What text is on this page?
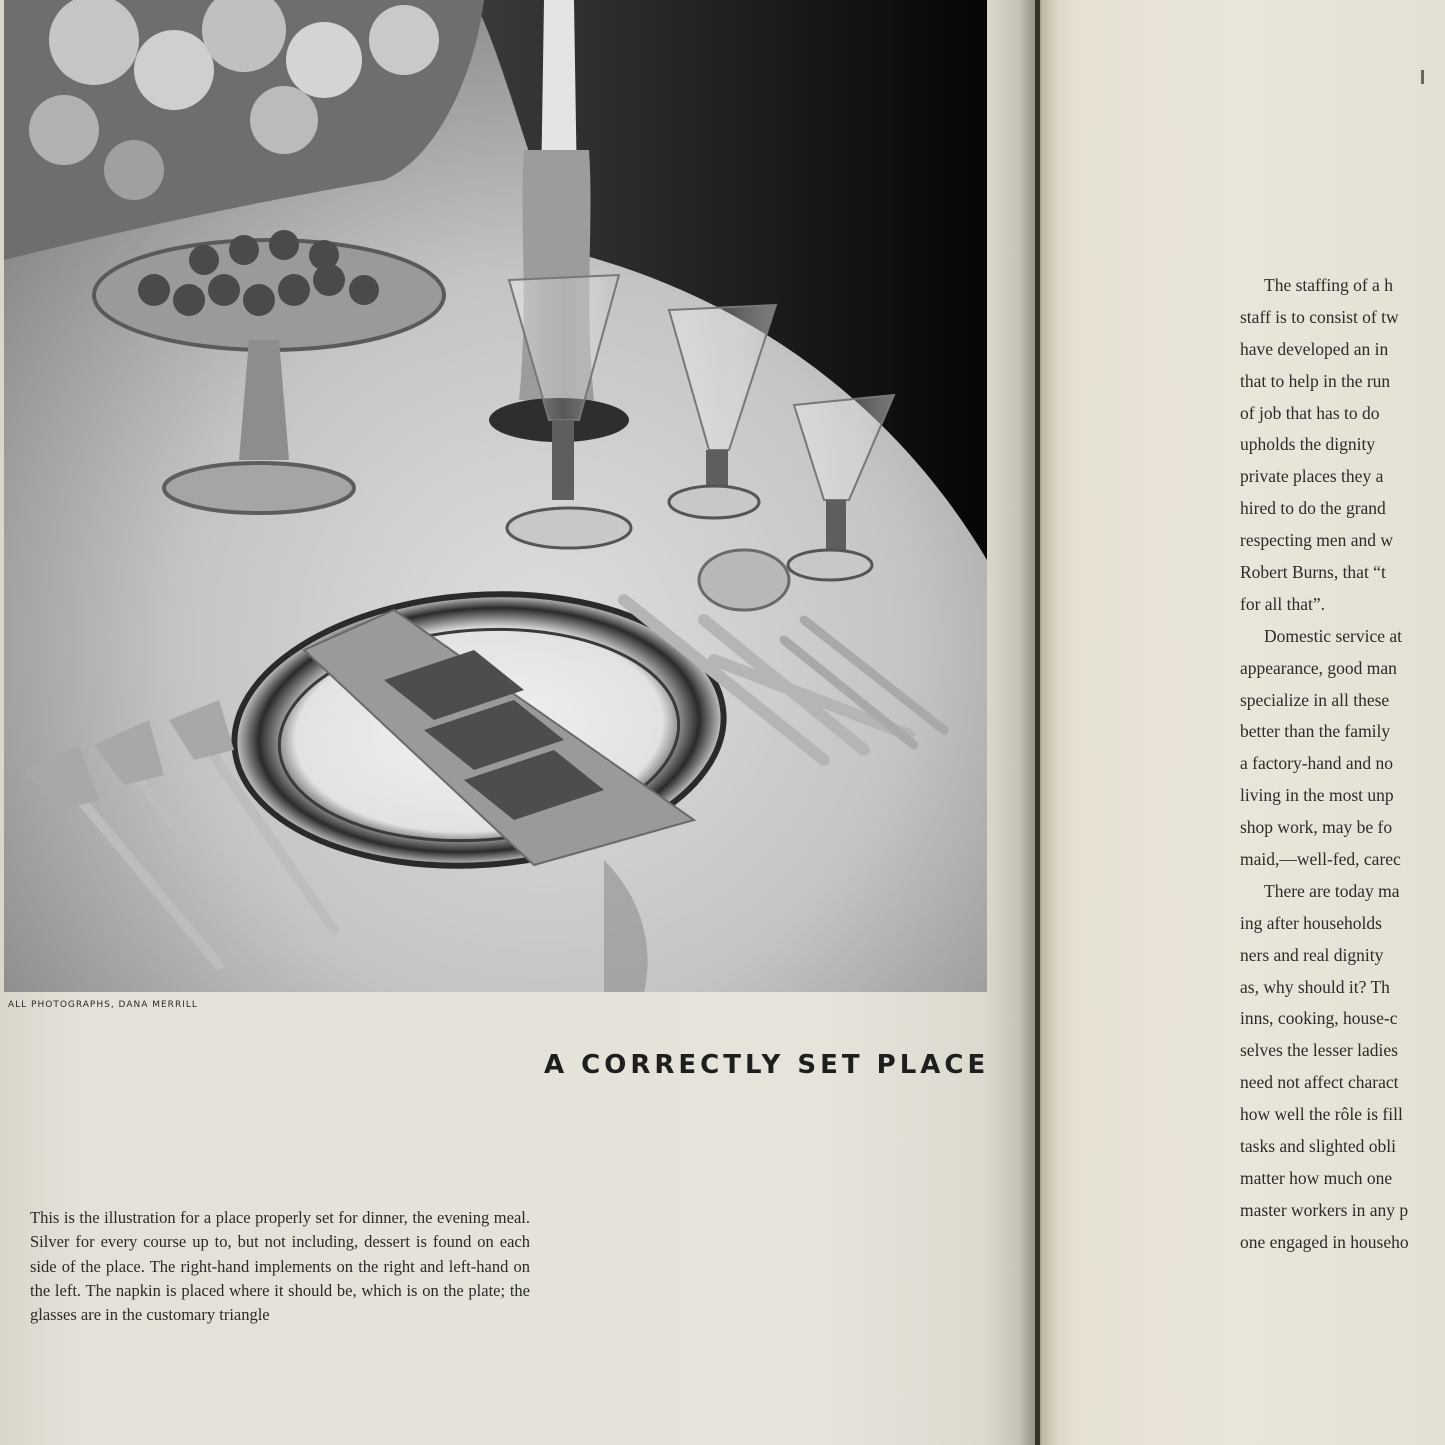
ALL PHOTOGRAPHS, DANA MERRILL
A CORRECTLY SET PLACE

This is the illustration for a place properly set for dinner, the evening meal. Silver for every course up to, but not including, dessert is found on each side of the place. The right-hand implements on the right and left-hand on the left. The napkin is placed where it should be, which is on the plate; the glasses are in the customary triangle

The staffing of a h
staff is to consist of tw
have developed an in
that to help in the run
of job that has to do
upholds the dignity
private places they a
hired to do the grand
respecting men and w
Robert Burns, that “t
for all that”.
Domestic service at
appearance, good man
specialize in all these
better than the family
a factory-hand and no
living in the most unp
shop work, may be fo
maid,—well-fed, carec
There are today ma
ing after households
ners and real dignity
as, why should it? Th
inns, cooking, house-c
selves the lesser ladies
need not affect charact
how well the rôle is fill
tasks and slighted obli
matter how much one
master workers in any p
one engaged in househo
